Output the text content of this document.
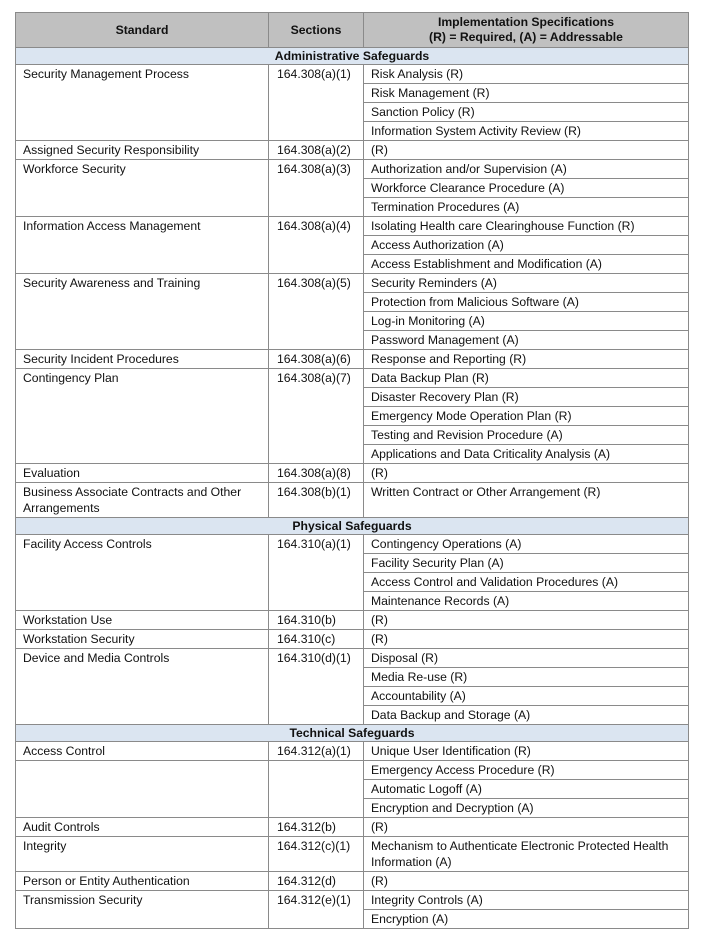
Standard	Sections	Implementation Specifications
(R) = Required, (A) = Addressable

Administrative Safeguards		
Security Management Process	164.308(a)(1)	Risk Analysis (R)
		Risk Management (R)
		Sanction Policy (R)
		Information System Activity Review (R)
Assigned Security Responsibility	164.308(a)(2)	(R)
Workforce Security	164.308(a)(3)	Authorization and/or Supervision (A)
		Workforce Clearance Procedure (A)
		Termination Procedures (A)
Information Access Management	164.308(a)(4)	Isolating Health care Clearinghouse Function (R)
		Access Authorization (A)
		Access Establishment and Modification (A)
Security Awareness and Training	164.308(a)(5)	Security Reminders (A)
		Protection from Malicious Software (A)
		Log-in Monitoring (A)
		Password Management (A)
Security Incident Procedures	164.308(a)(6)	Response and Reporting (R)
Contingency Plan	164.308(a)(7)	Data Backup Plan (R)
		Disaster Recovery Plan (R)
		Emergency Mode Operation Plan (R)
		Testing and Revision Procedure (A)
		Applications and Data Criticality Analysis (A)
Evaluation	164.308(a)(8)	(R)
Business Associate Contracts and Other Arrangements	164.308(b)(1)	Written Contract or Other Arrangement (R)
Physical Safeguards		
Facility Access Controls	164.310(a)(1)	Contingency Operations (A)
		Facility Security Plan (A)
		Access Control and Validation Procedures (A)
		Maintenance Records (A)
Workstation Use	164.310(b)	(R)
Workstation Security	164.310(c)	(R)
Device and Media Controls	164.310(d)(1)	Disposal (R)
		Media Re-use (R)
		Accountability (A)
		Data Backup and Storage (A)
Technical Safeguards		
Access Control	164.312(a)(1)	Unique User Identification (R)
		Emergency Access Procedure (R)
		Automatic Logoff (A)
		Encryption and Decryption (A)
Audit Controls	164.312(b)	(R)
Integrity	164.312(c)(1)	Mechanism to Authenticate Electronic Protected Health Information (A)
Person or Entity Authentication	164.312(d)	(R)
Transmission Security	164.312(e)(1)	Integrity Controls (A)
		Encryption (A)
